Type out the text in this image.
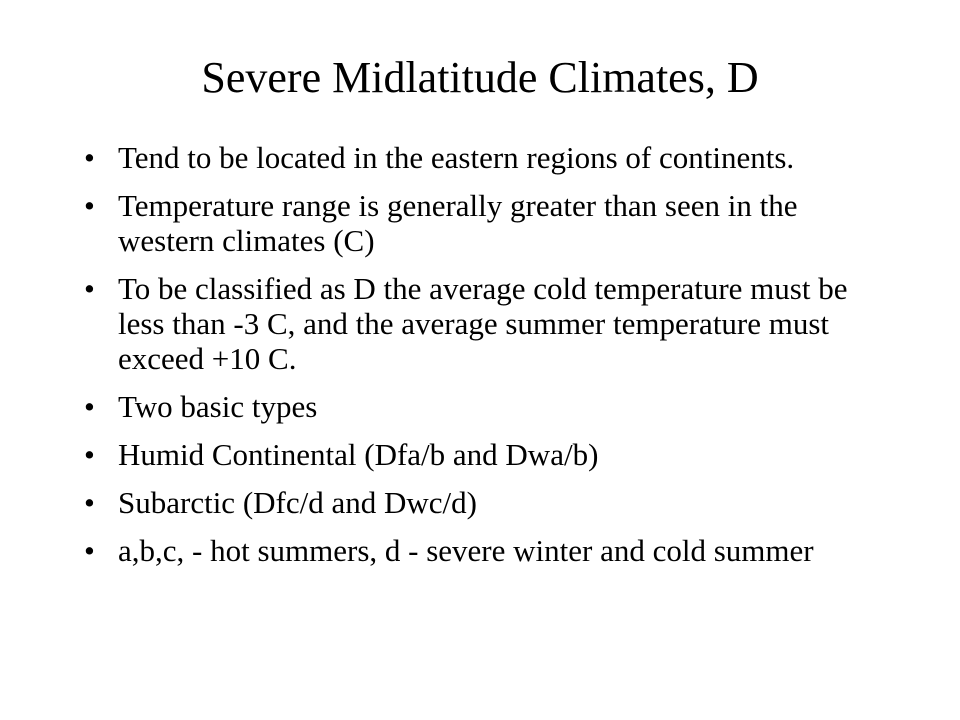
Severe Midlatitude Climates, D
• Tend to be located in the eastern regions of continents.
• Temperature range is generally greater than seen in the western climates (C)
• To be classified as D the average cold temperature must be less than -3 C, and the average summer temperature must exceed +10 C.
• Two basic types
• Humid Continental (Dfa/b and Dwa/b)
• Subarctic (Dfc/d and Dwc/d)
• a,b,c, - hot summers, d - severe winter and cold summer
